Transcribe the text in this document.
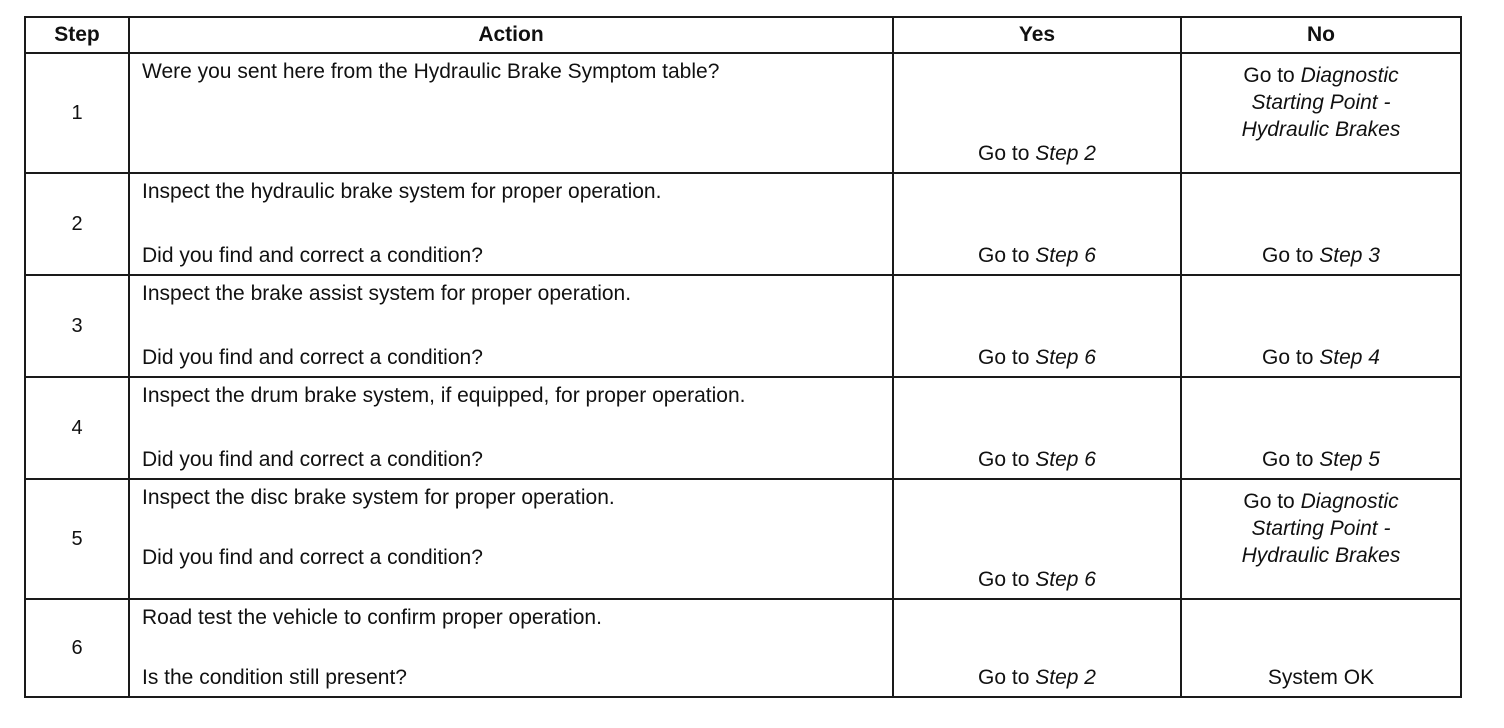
Step	Action	Yes	No
1	Were you sent here from the Hydraulic Brake Symptom table?	Go to Step 2	Go to Diagnostic Starting Point - Hydraulic Brakes

2	Inspect the hydraulic brake system for proper operation.
Did you find and correct a condition?	Go to Step 6	Go to Step 3

3	Inspect the brake assist system for proper operation.
Did you find and correct a condition?	Go to Step 6	Go to Step 4

4	Inspect the drum brake system, if equipped, for proper operation.
Did you find and correct a condition?	Go to Step 6	Go to Step 5

5	Inspect the disc brake system for proper operation.
Did you find and correct a condition?	Go to Step 6	Go to Diagnostic Starting Point - Hydraulic Brakes

6	Road test the vehicle to confirm proper operation.
Is the condition still present?	Go to Step 2	System OK
